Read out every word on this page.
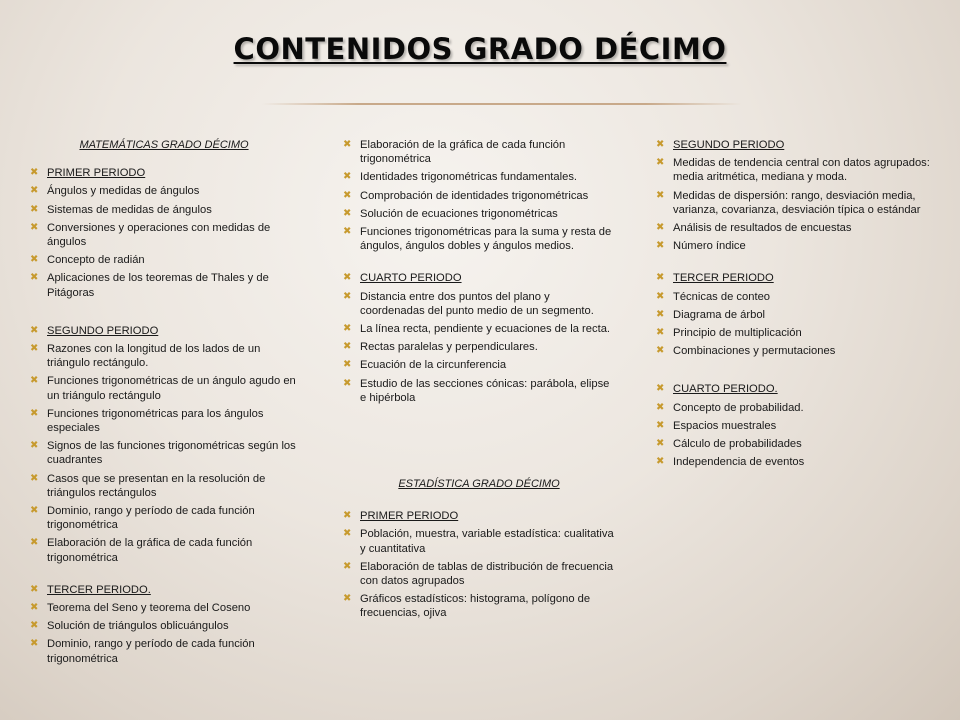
CONTENIDOS GRADO DÉCIMO
MATEMÁTICAS GRADO DÉCIMO
✖ PRIMER PERIODO
✖ Ángulos y medidas de ángulos
✖ Sistemas de medidas de ángulos
✖ Conversiones y operaciones con medidas de ángulos
✖ Concepto de radián
✖ Aplicaciones de los teoremas de Thales y de Pitágoras
✖ SEGUNDO PERIODO
✖ Razones con la longitud de los lados de un triángulo rectángulo.
✖ Funciones trigonométricas de un ángulo agudo en un triángulo rectángulo
✖ Funciones trigonométricas para los ángulos especiales
✖ Signos de las funciones trigonométricas según los cuadrantes
✖ Casos que se presentan en la resolución de triángulos rectángulos
✖ Dominio, rango y período de cada función trigonométrica
✖ Elaboración de la gráfica de cada función trigonométrica
✖ TERCER PERIODO.
✖ Teorema del Seno y teorema del Coseno
✖ Solución de triángulos oblicuángulos
✖ Dominio, rango y período de cada función trigonométrica
✖ Elaboración de la gráfica de cada función trigonométrica
✖ Identidades trigonométricas fundamentales.
✖ Comprobación de identidades trigonométricas
✖ Solución de ecuaciones trigonométricas
✖ Funciones trigonométricas para la suma y resta de ángulos, ángulos dobles y ángulos medios.
✖ CUARTO PERIODO
✖ Distancia entre dos puntos del plano y coordenadas del punto medio de un segmento.
✖ La línea recta, pendiente y ecuaciones de la recta.
✖ Rectas paralelas y perpendiculares.
✖ Ecuación de la circunferencia
✖ Estudio de las secciones cónicas: parábola, elipse e hipérbola
ESTADÍSTICA GRADO DÉCIMO
✖ PRIMER PERIODO
✖ Población, muestra, variable estadística: cualitativa y cuantitativa
✖ Elaboración de tablas de distribución de frecuencia con datos agrupados
✖ Gráficos estadísticos: histograma, polígono de frecuencias, ojiva
✖ SEGUNDO PERIODO
✖ Medidas de tendencia central con datos agrupados: media aritmética, mediana y moda.
✖ Medidas de dispersión: rango, desviación media, varianza, covarianza, desviación típica o estándar
✖ Análisis de resultados de encuestas
✖ Número índice
✖ TERCER PERIODO
✖ Técnicas de conteo
✖ Diagrama de árbol
✖ Principio de multiplicación
✖ Combinaciones y permutaciones
✖ CUARTO PERIODO.
✖ Concepto de probabilidad.
✖ Espacios muestrales
✖ Cálculo de probabilidades
✖ Independencia de eventos
